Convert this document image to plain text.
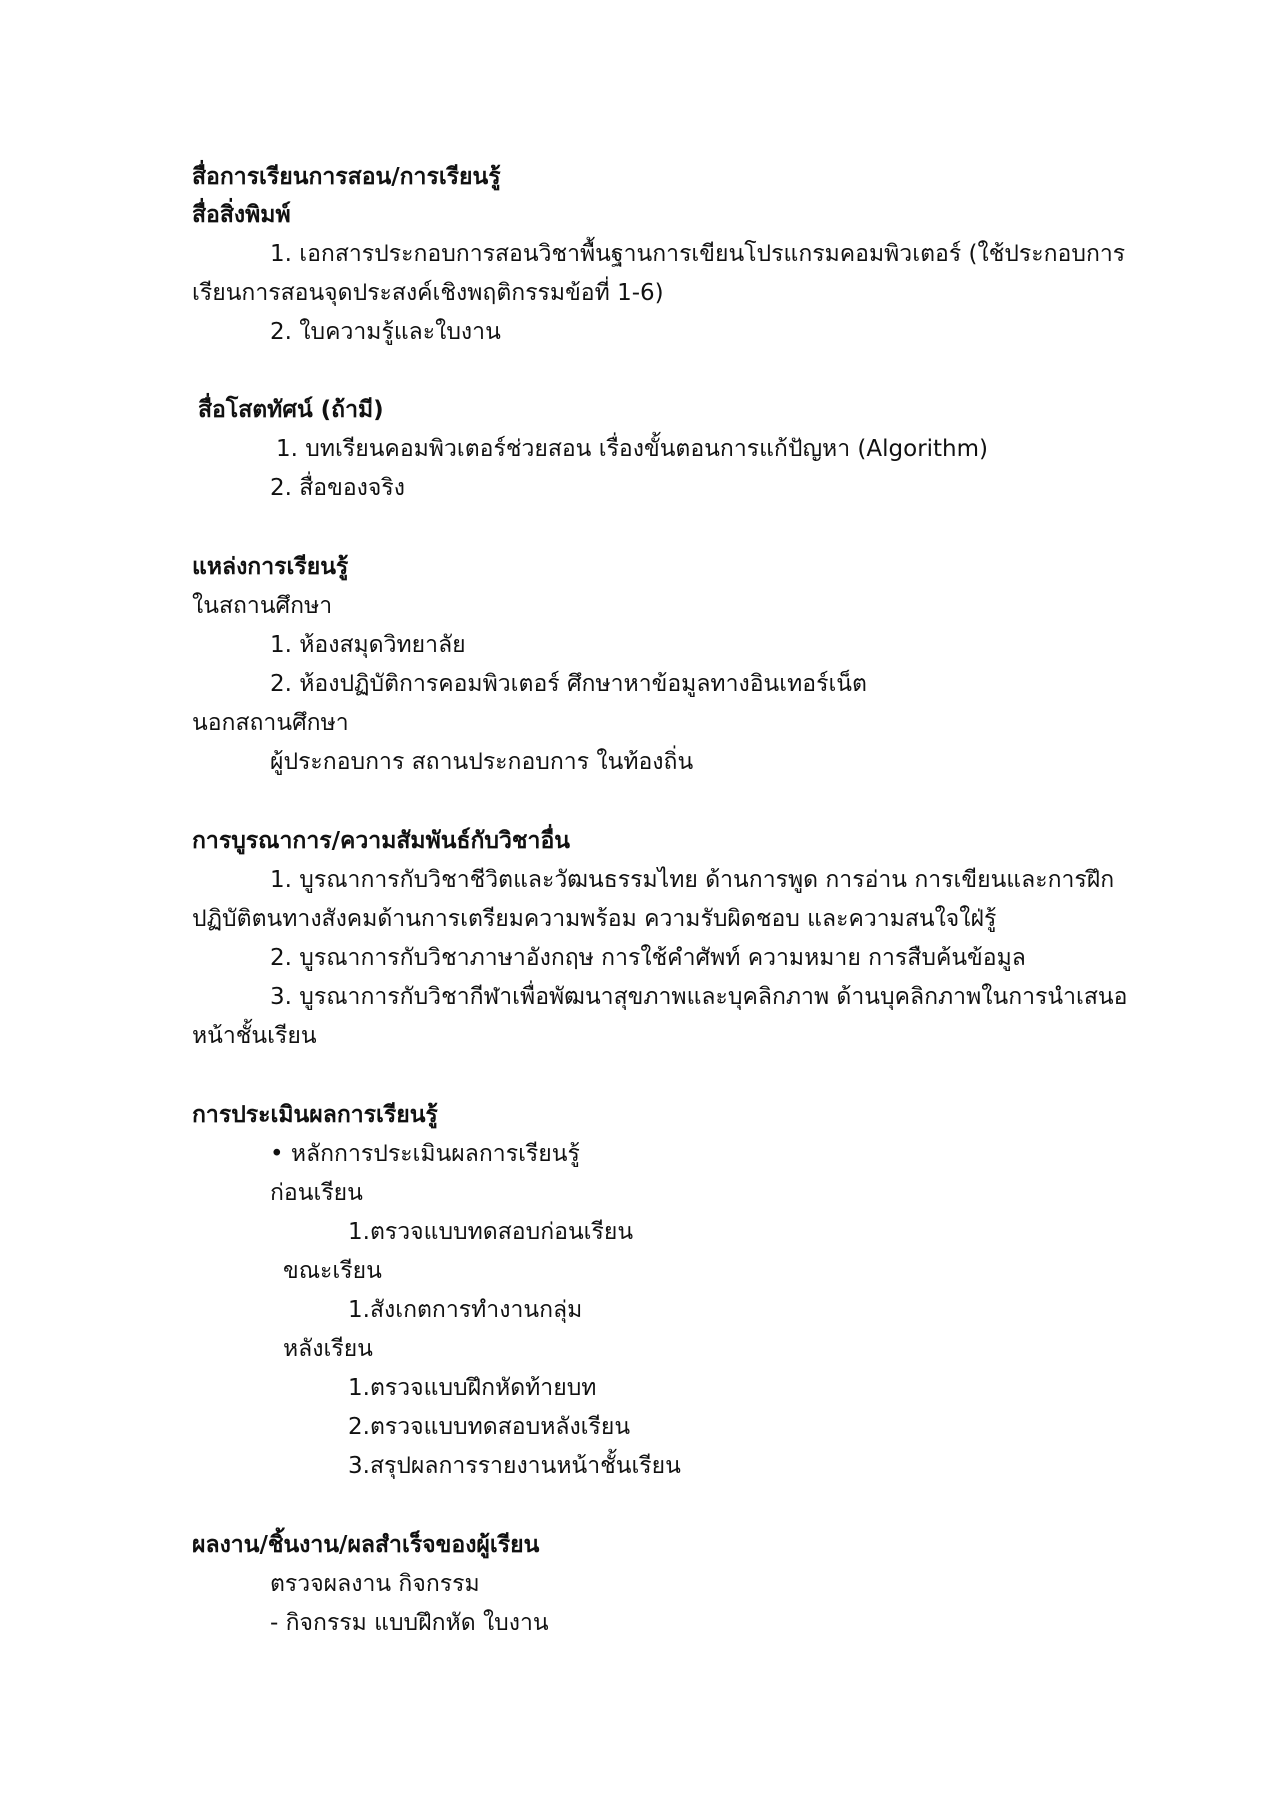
สื่อการเรียนการสอน/การเรียนรู้
สื่อสิ่งพิมพ์
1. เอกสารประกอบการสอนวิชาพื้นฐานการเขียนโปรแกรมคอมพิวเตอร์ (ใช้ประกอบการ
เรียนการสอนจุดประสงค์เชิงพฤติกรรมข้อที่ 1-6)
2. ใบความรู้และใบงาน
สื่อโสตทัศน์ (ถ้ามี)
1. บทเรียนคอมพิวเตอร์ช่วยสอน เรื่องขั้นตอนการแก้ปัญหา (Algorithm)
2. สื่อของจริง
แหล่งการเรียนรู้
ในสถานศึกษา
1. ห้องสมุดวิทยาลัย
2. ห้องปฏิบัติการคอมพิวเตอร์ ศึกษาหาข้อมูลทางอินเทอร์เน็ต
นอกสถานศึกษา
ผู้ประกอบการ สถานประกอบการ ในท้องถิ่น
การบูรณาการ/ความสัมพันธ์กับวิชาอื่น
1. บูรณาการกับวิชาชีวิตและวัฒนธรรมไทย ด้านการพูด การอ่าน การเขียนและการฝึก
ปฏิบัติตนทางสังคมด้านการเตรียมความพร้อม ความรับผิดชอบ และความสนใจใฝ่รู้
2. บูรณาการกับวิชาภาษาอังกฤษ การใช้คำศัพท์ ความหมาย การสืบค้นข้อมูล
3. บูรณาการกับวิชากีฬาเพื่อพัฒนาสุขภาพและบุคลิกภาพ ด้านบุคลิกภาพในการนำเสนอ
หน้าชั้นเรียน
การประเมินผลการเรียนรู้
• หลักการประเมินผลการเรียนรู้
ก่อนเรียน
1.ตรวจแบบทดสอบก่อนเรียน
ขณะเรียน
1.สังเกตการทำงานกลุ่ม
หลังเรียน
1.ตรวจแบบฝึกหัดท้ายบท
2.ตรวจแบบทดสอบหลังเรียน
3.สรุปผลการรายงานหน้าชั้นเรียน
ผลงาน/ชิ้นงาน/ผลสำเร็จของผู้เรียน
ตรวจผลงาน กิจกรรม
- กิจกรรม แบบฝึกหัด ใบงาน
